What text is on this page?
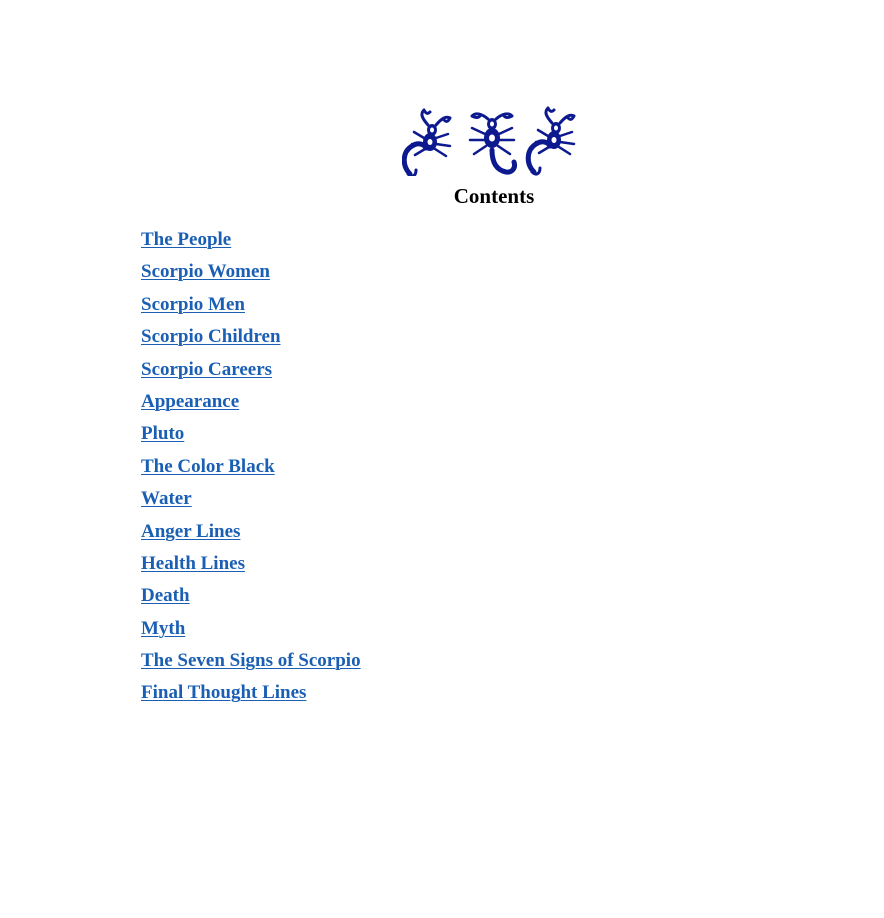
Contents
The People
Scorpio Women
Scorpio Men
Scorpio Children
Scorpio Careers
Appearance
Pluto
The Color Black
Water
Anger Lines
Health Lines
Death
Myth
The Seven Signs of Scorpio
Final Thought Lines
